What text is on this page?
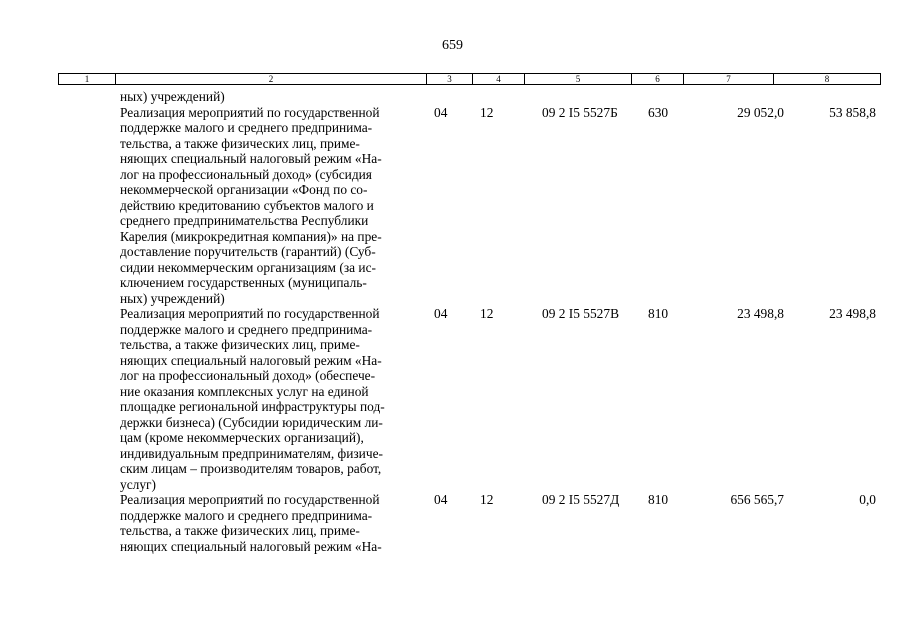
659
1	2	3	4	5	6	7	8
ных) учреждений)
Реализация мероприятий по государственной
поддержке малого и среднего предпринима-
тельства, а также физических лиц, приме-
няющих специальный налоговый режим «На-
лог на профессиональный доход» (субсидия
некоммерческой организации «Фонд по со-
действию кредитованию субъектов малого и
среднего предпринимательства Республики
Карелия (микрокредитная компания)» на пре-
доставление поручительств (гарантий) (Суб-
сидии некоммерческим организациям (за ис-
ключением государственных (муниципаль-
ных) учреждений)
04 12	09 2 I5 5527Б 630	29 052,0	53 858,8
Реализация мероприятий по государственной
поддержке малого и среднего предпринима-
тельства, а также физических лиц, приме-
няющих специальный налоговый режим «На-
лог на профессиональный доход» (обеспече-
ние оказания комплексных услуг на единой
площадке региональной инфраструктуры под-
держки бизнеса) (Субсидии юридическим ли-
цам (кроме некоммерческих организаций),
индивидуальным предпринимателям, физиче-
ским лицам – производителям товаров, работ,
услуг)
04 12	09 2 I5 5527В 810	23 498,8	23 498,8
Реализация мероприятий по государственной
поддержке малого и среднего предпринима-
тельства, а также физических лиц, приме-
няющих специальный налоговый режим «На-
04 12	09 2 I5 5527Д 810	656 565,7	0,0
